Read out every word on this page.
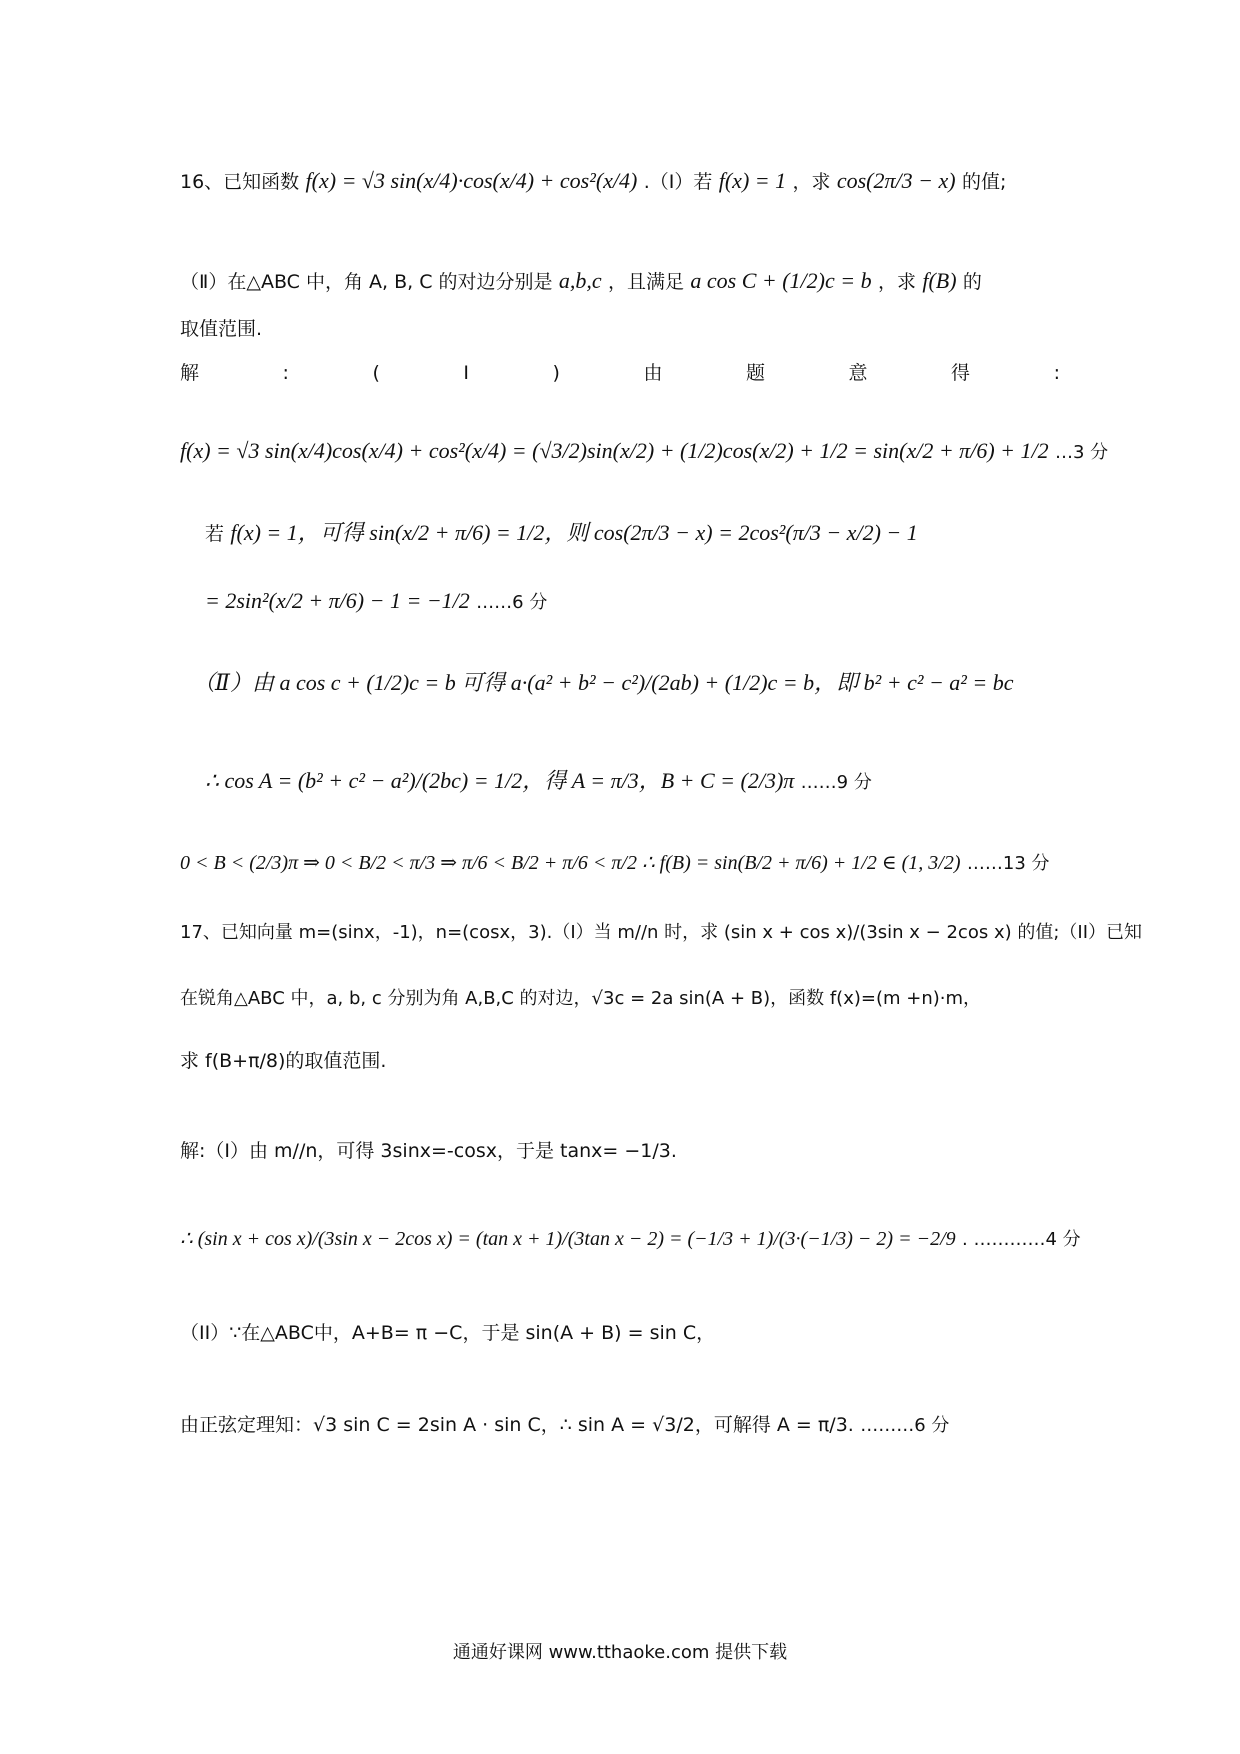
16、已知函数 f(x) = √3 sin(x/4)·cos(x/4) + cos²(x/4) .（Ⅰ）若 f(x) = 1 ，求 cos(2π/3 − x) 的值;
（Ⅱ）在△ABC 中，角 A, B, C 的对边分别是 a,b,c ，且满足 a cos C + (1/2)c = b ，求 f(B) 的
取值范围.
解	:	(	I	)	由	题	意	得	:
f(x) = √3 sin(x/4)cos(x/4) + cos²(x/4) = (√3/2)sin(x/2) + (1/2)cos(x/2) + 1/2 = sin(x/2 + π/6) + 1/2 …3 分
若 f(x) = 1，可得 sin(x/2 + π/6) = 1/2，则 cos(2π/3 − x) = 2cos²(π/3 − x/2) − 1
= 2sin²(x/2 + π/6) − 1 = −1/2 ……6 分
（Ⅱ）由 a cos c + (1/2)c = b 可得 a·(a² + b² − c²)/(2ab) + (1/2)c = b，即 b² + c² − a² = bc
∴ cos A = (b² + c² − a²)/(2bc) = 1/2，得 A = π/3，B + C = (2/3)π ……9 分
0 < B < (2/3)π ⇒ 0 < B/2 < π/3 ⇒ π/6 < B/2 + π/6 < π/2 ∴ f(B) = sin(B/2 + π/6) + 1/2 ∈ (1, 3/2) ……13 分
17、已知向量 m=(sinx，-1)，n=(cosx，3).（I）当 m//n 时，求 (sin x + cos x)/(3sin x − 2cos x) 的值;（II）已知
在锐角△ABC 中，a, b, c 分别为角 A,B,C 的对边，√3c = 2a sin(A + B)，函数 f(x)=(m +n)·m，
求 f(B+π/8)的取值范围.
解:（I）由 m//n，可得 3sinx=-cosx，于是 tanx= −1/3.
∴ (sin x + cos x)/(3sin x − 2cos x) = (tan x + 1)/(3tan x − 2) = (−1/3 + 1)/(3·(−1/3) − 2) = −2/9 . …………4 分
（II）∵在△ABC中，A+B= π −C，于是 sin(A + B) = sin C，
由正弦定理知：√3 sin C = 2sin A · sin C，∴ sin A = √3/2，可解得 A = π/3. ………6 分
通通好课网 www.tthaoke.com 提供下载
